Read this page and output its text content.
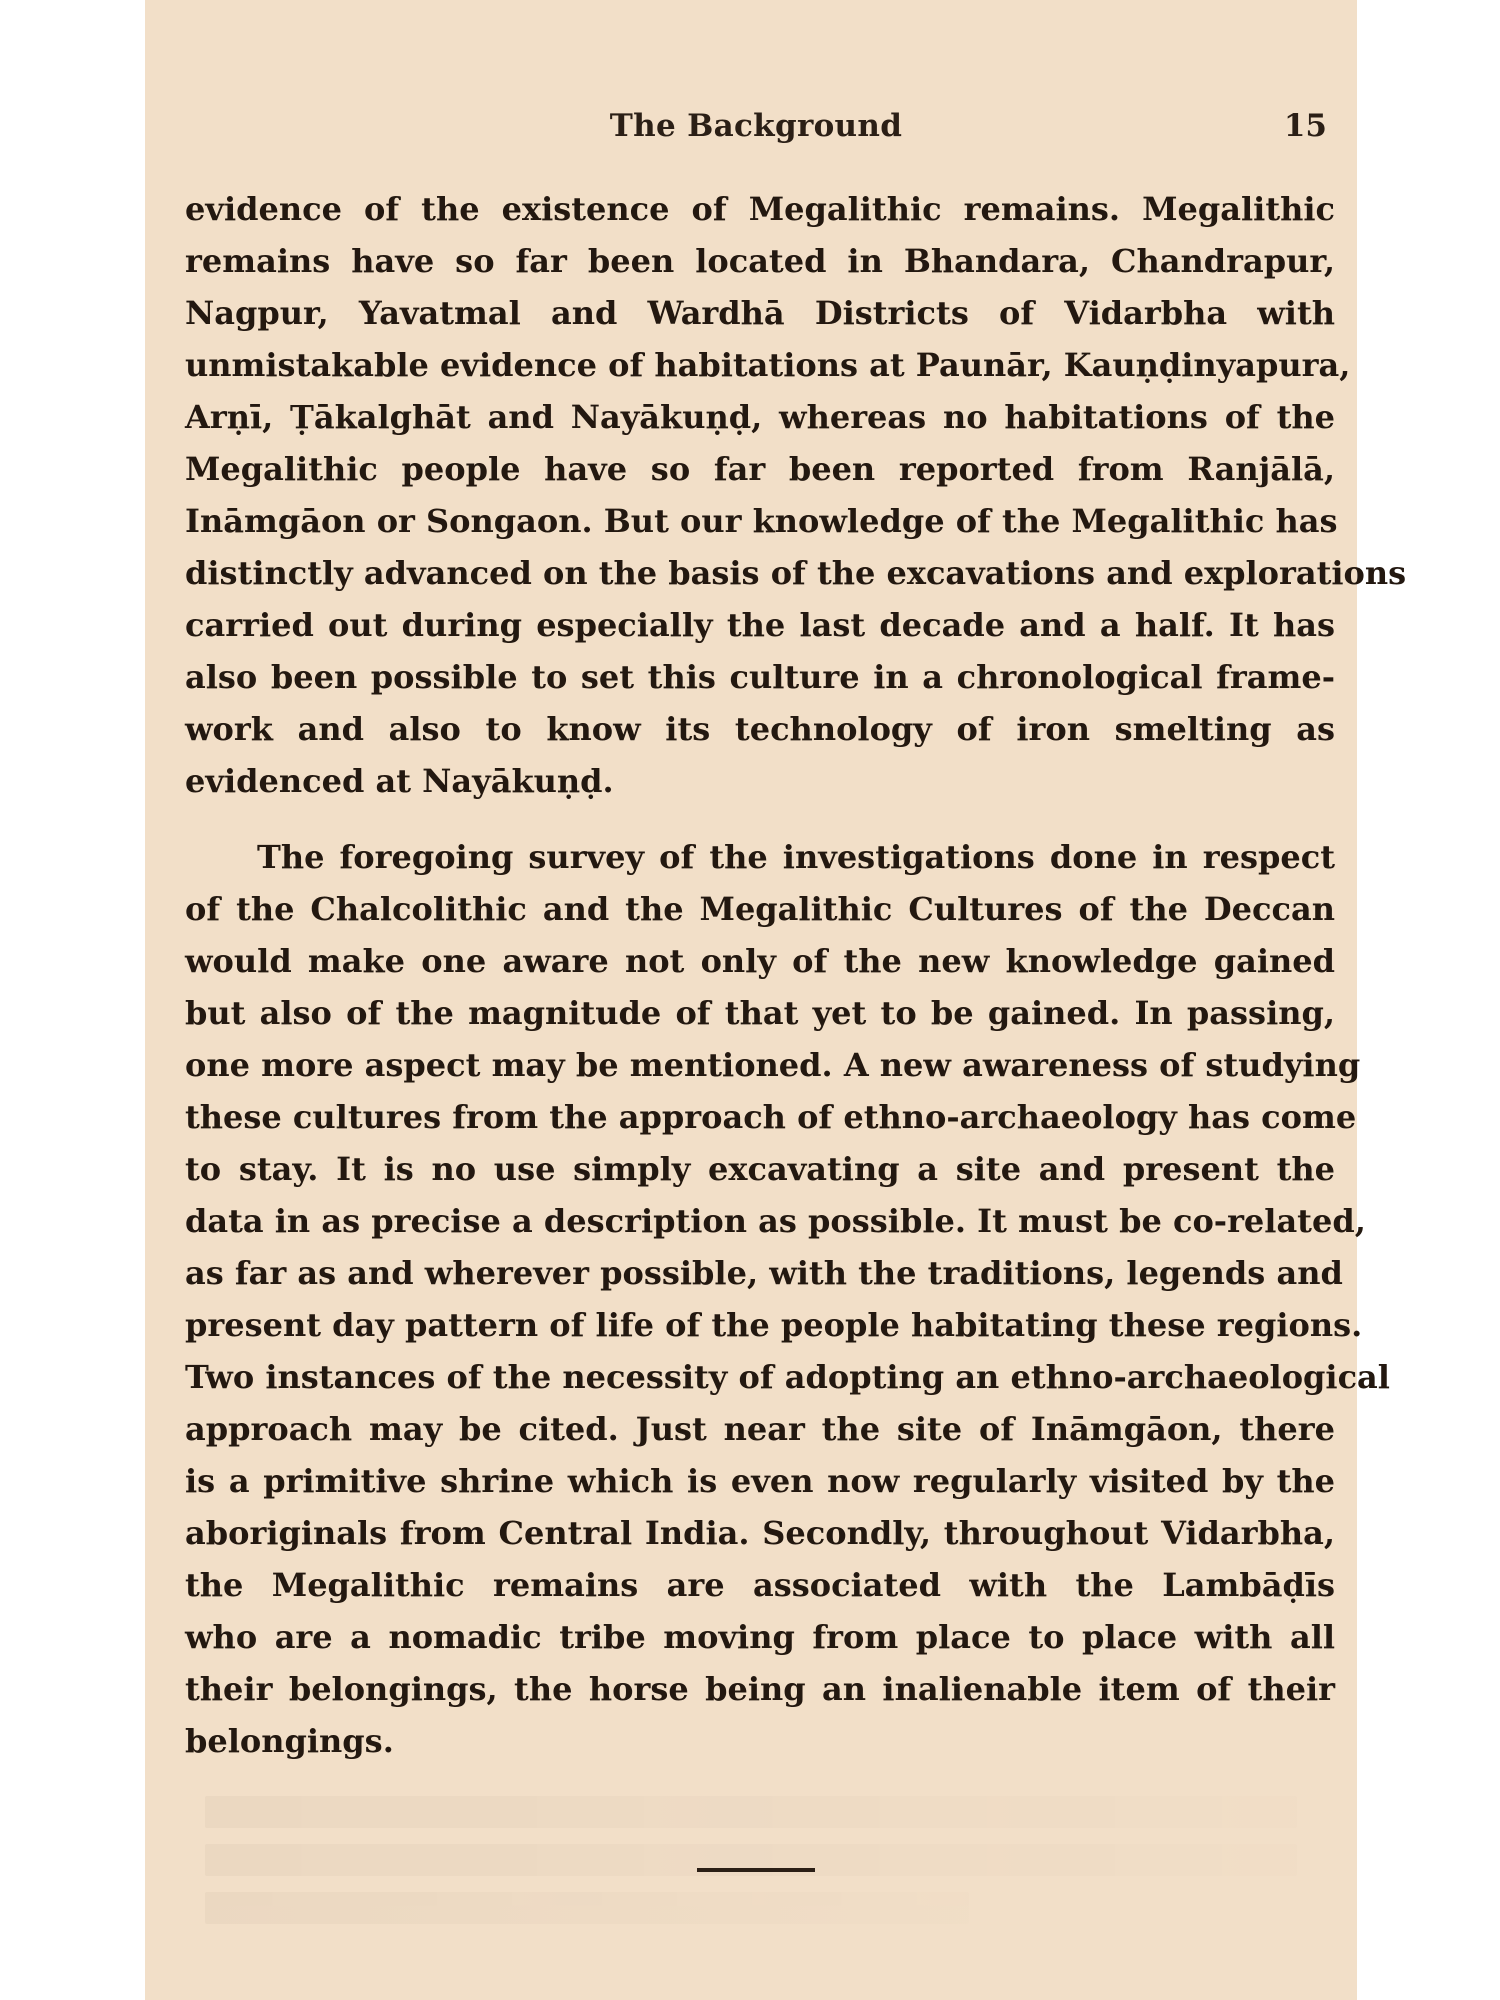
The Background	15
evidence of the existence of Megalithic remains. Megalithic
remains have so far been located in Bhandara, Chandrapur,
Nagpur, Yavatmal and Wardhā Districts of Vidarbha with
unmistakable evidence of habitations at Paunār, Kauṇḍinyapura,
Arṇī, Ṭākalghāt and Nayākuṇḍ, whereas no habitations of the
Megalithic people have so far been reported from Ranjālā,
Ināmgāon or Songaon. But our knowledge of the Megalithic has
distinctly advanced on the basis of the excavations and explorations
carried out during especially the last decade and a half. It has
also been possible to set this culture in a chronological frame-
work and also to know its technology of iron smelting as
evidenced at Nayākuṇḍ.
The foregoing survey of the investigations done in respect
of the Chalcolithic and the Megalithic Cultures of the Deccan
would make one aware not only of the new knowledge gained
but also of the magnitude of that yet to be gained. In passing,
one more aspect may be mentioned. A new awareness of studying
these cultures from the approach of ethno-archaeology has come
to stay. It is no use simply excavating a site and present the
data in as precise a description as possible. It must be co-related,
as far as and wherever possible, with the traditions, legends and
present day pattern of life of the people habitating these regions.
Two instances of the necessity of adopting an ethno-archaeological
approach may be cited. Just near the site of Ināmgāon, there
is a primitive shrine which is even now regularly visited by the
aboriginals from Central India. Secondly, throughout Vidarbha,
the Megalithic remains are associated with the Lambāḍīs
who are a nomadic tribe moving from place to place with all
their belongings, the horse being an inalienable item of their
belongings.
